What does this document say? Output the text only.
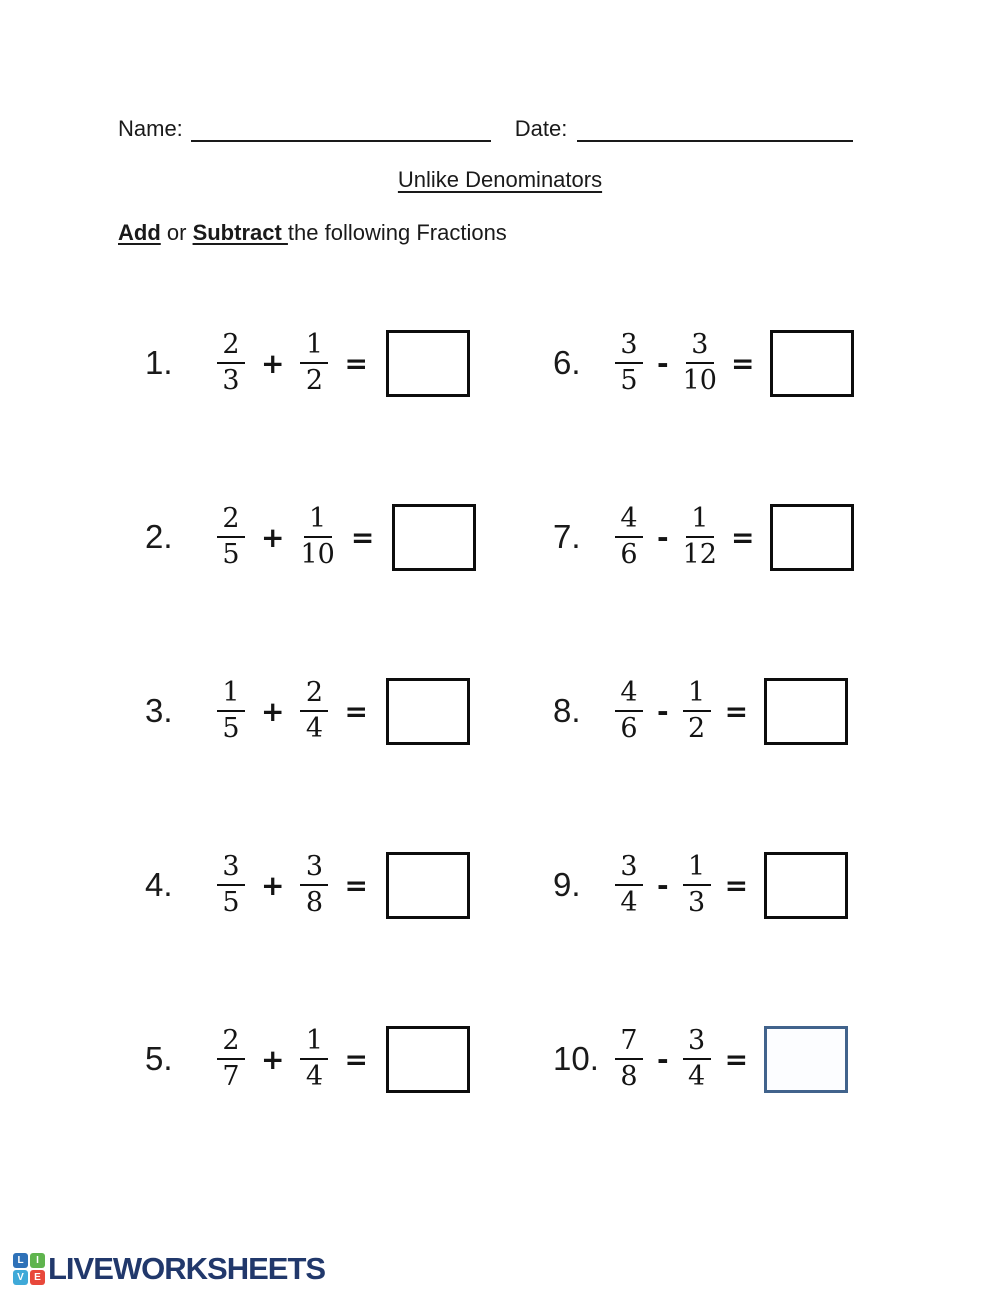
Name:	Date:
Unlike Denominators
Add or Subtract the following Fractions
1.	$\frac{2}{3} + \frac{1}{2}$ =	6.	$\frac{3}{5} - \frac{3}{10}$ =
2.	$\frac{2}{5} + \frac{1}{10}$ =	7.	$\frac{4}{6} - \frac{1}{12}$ =
3.	$\frac{1}{5} + \frac{2}{4}$ =	8.	$\frac{4}{6} - \frac{1}{2}$ =
4.	$\frac{3}{5} + \frac{3}{8}$ =	9.	$\frac{3}{4} - \frac{1}{3}$ =
5.	$\frac{2}{7} + \frac{1}{4}$ =	10. $\frac{7}{8} - \frac{3}{4}$ =
L	I
V	E LIVEWORKSHEETS
